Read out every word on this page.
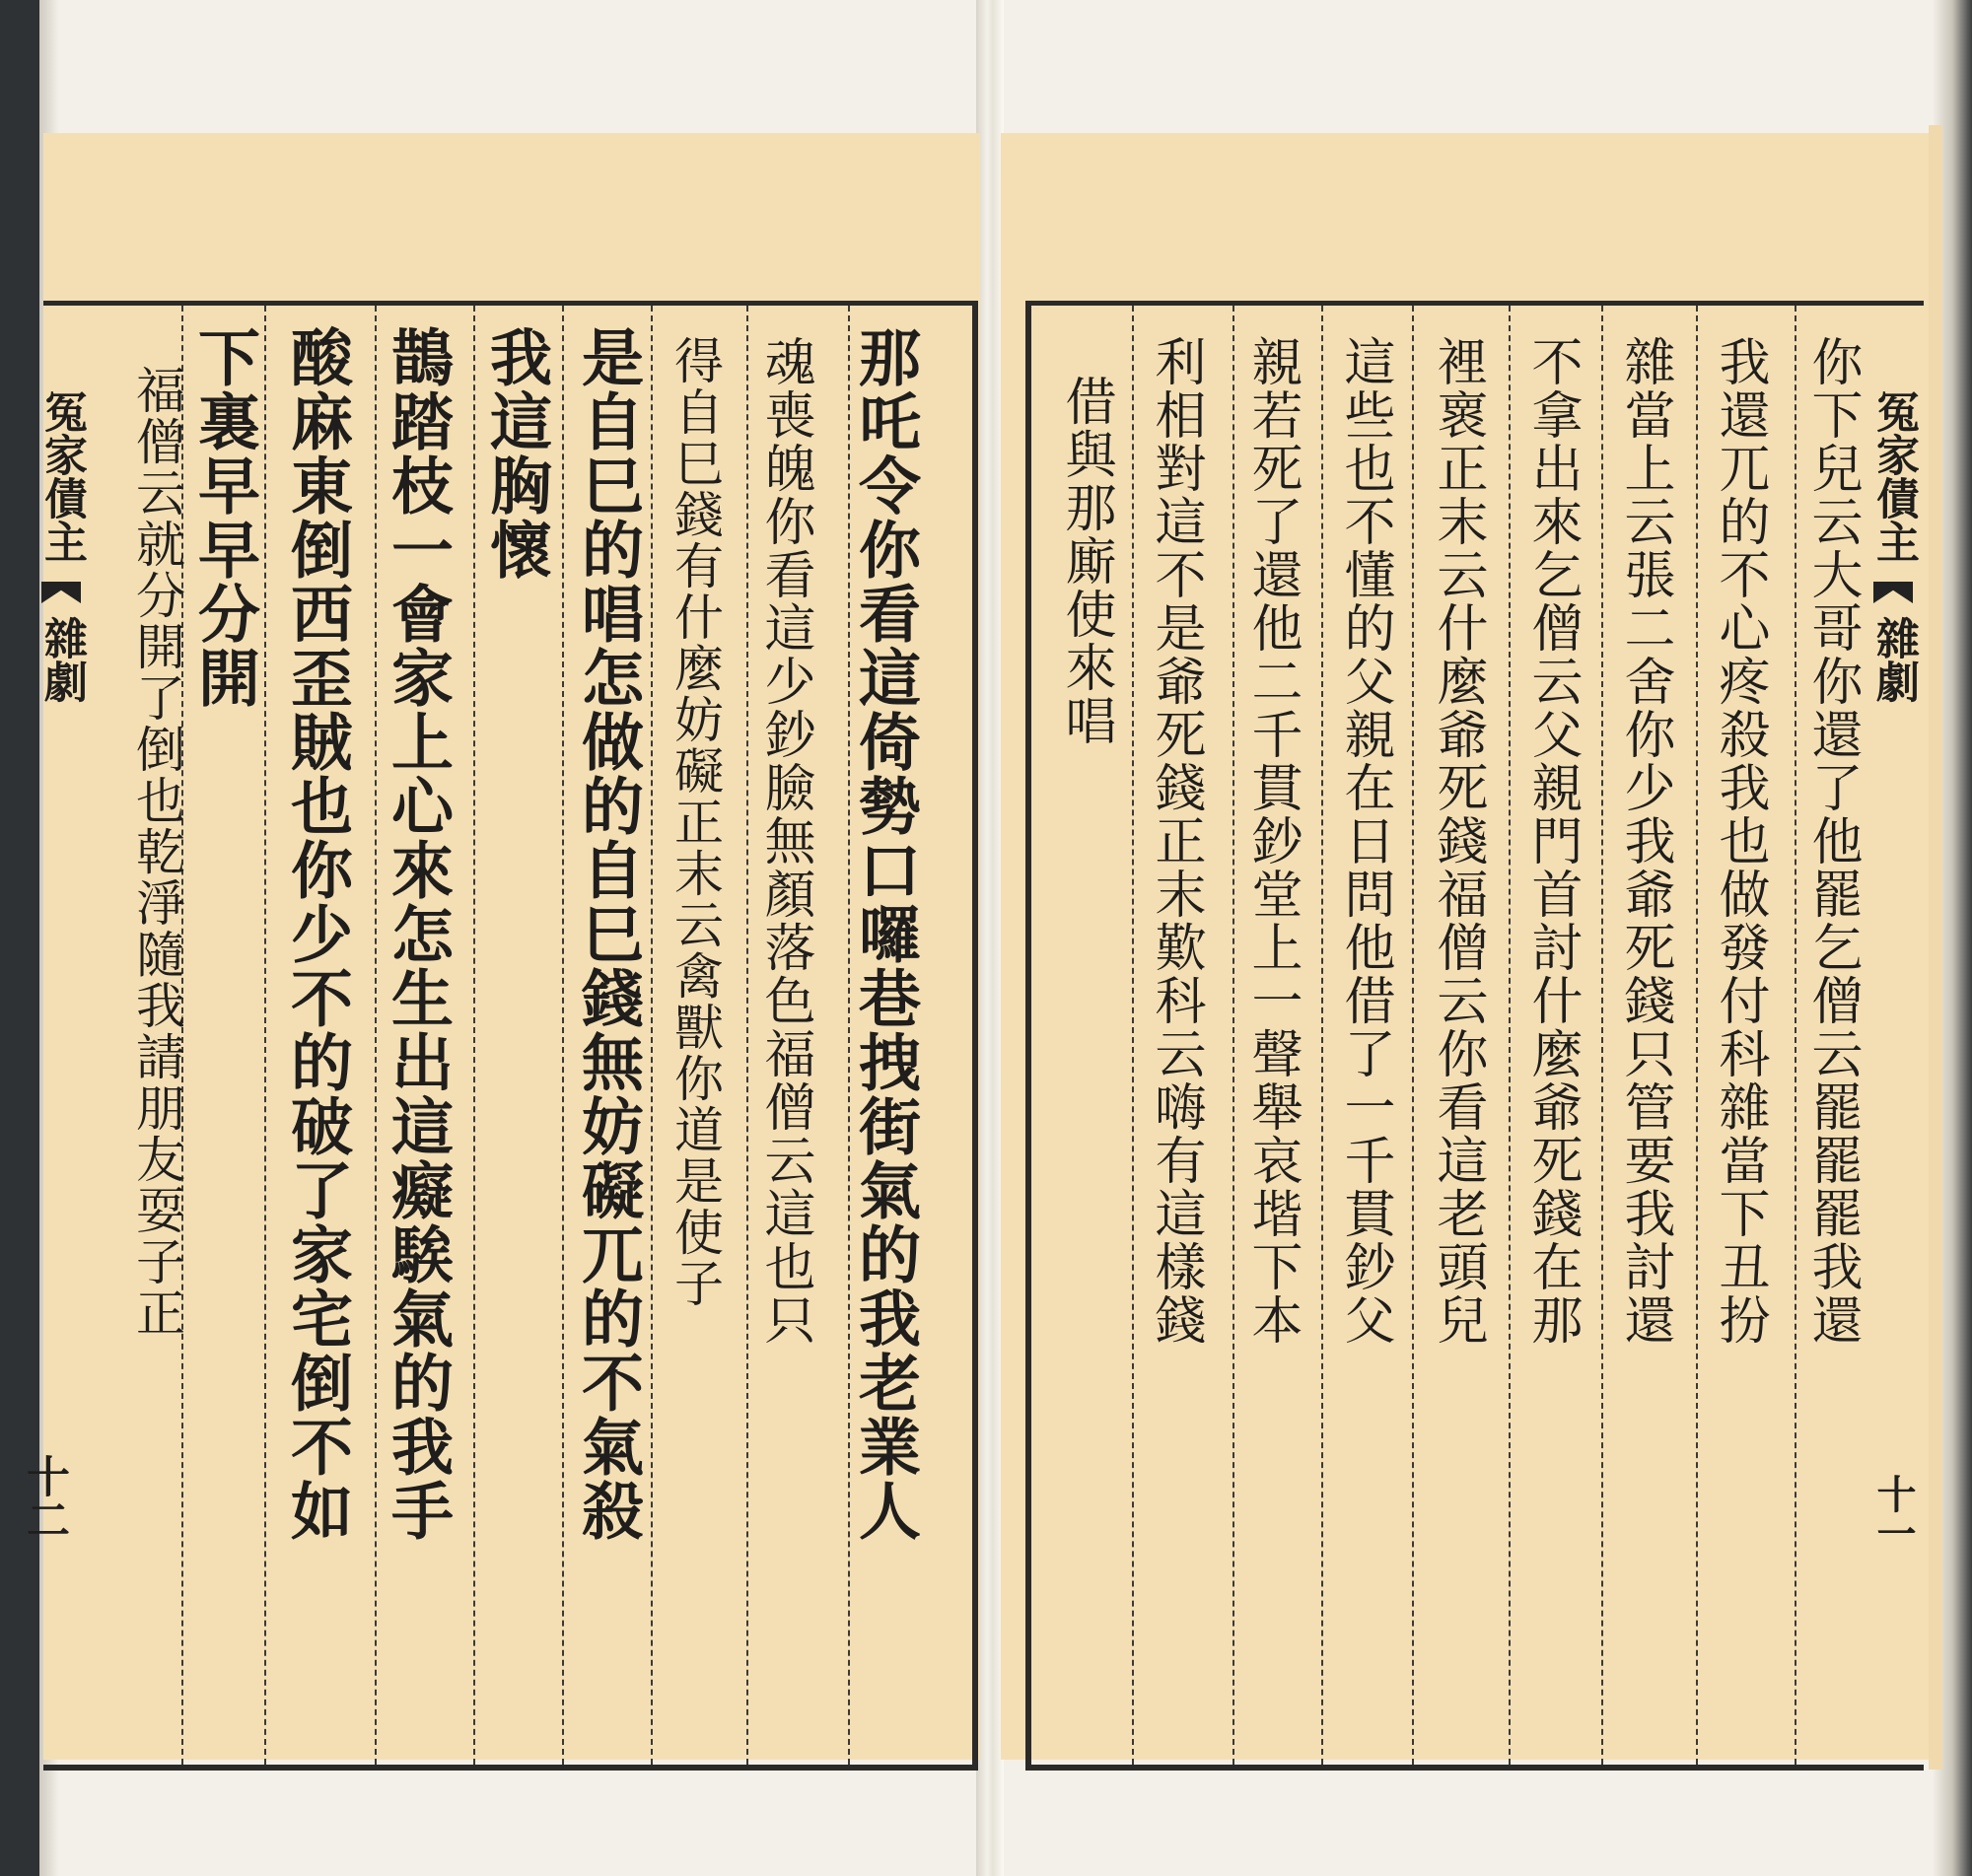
那吒令你看這倚勢口囉巷拽街氣的我老業人
魂喪魄你看這少鈔臉無顏落色福僧云這也只
得自巳錢有什麼妨礙正末云禽獸你道是使子
是自巳的唱怎做的自巳錢無妨礙兀的不氣殺
我這胸懷
鵲踏枝一會家上心來怎生出這癡騃氣的我手
酸麻東倒西歪賊也你少不的破了家宅倒不如
下裏早早分開
福僧云就分開了倒也乾淨隨我請朋友耍子正
冤家債主
雜劇
十二
你下兒云大哥你還了他罷乞僧云罷罷罷我還
我還兀的不心疼殺我也做發付科雜當下丑扮
雜當上云張二舍你少我爺死錢只管要我討還
不拿出來乞僧云父親門首討什麼爺死錢在那
裡褱正末云什麼爺死錢福僧云你看這老頭兒
這些也不懂的父親在日問他借了一千貫鈔父
親若死了還他二千貫鈔堂上一聲舉哀堦下本
利相對這不是爺死錢正末歎科云嗨有這樣錢
借與那廝使來唱	冤家債主
雜劇
十一
